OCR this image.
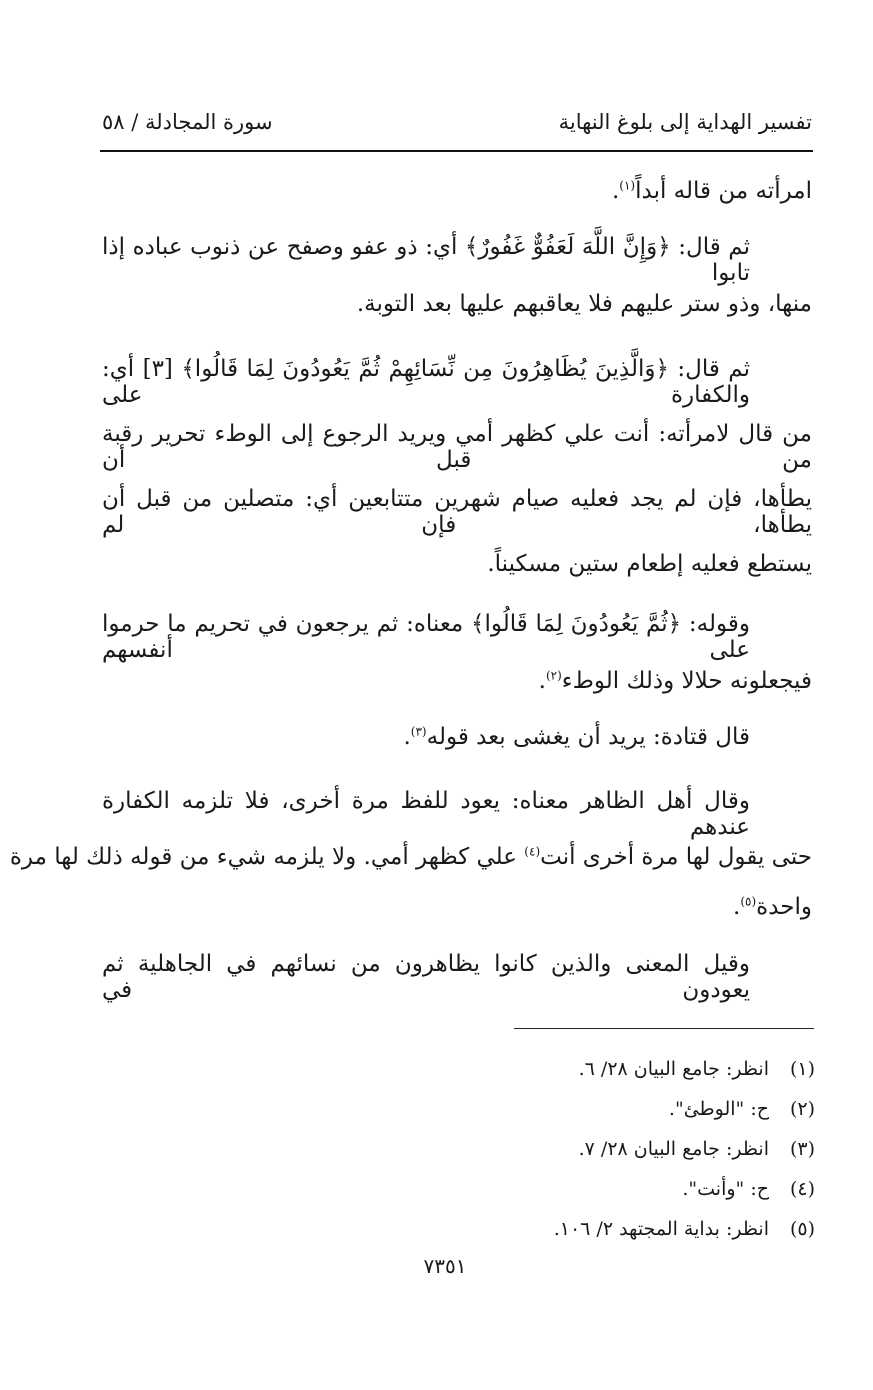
تفسير الهداية إلى بلوغ النهاية
سورة المجادلة / ٥٨
امرأته من قاله أبداً$^{(١)}$.
ثم قال: ﴿وَإِنَّ اللَّهَ لَعَفُوٌّ غَفُورٌ﴾ أي: ذو عفو وصفح عن ذنوب عباده إذا تابوا
منها، وذو ستر عليهم فلا يعاقبهم عليها بعد التوبة.
ثم قال: ﴿وَالَّذِينَ يُظَاهِرُونَ مِن نِّسَائِهِمْ ثُمَّ يَعُودُونَ لِمَا قَالُوا﴾ [٣] أي: والكفارة على
من قال لامرأته: أنت علي كظهر أمي ويريد الرجوع إلى الوطء تحرير رقبة من قبل أن
يطأها، فإن لم يجد فعليه صيام شهرين متتابعين أي: متصلين من قبل أن يطأها، فإن لم
يستطع فعليه إطعام ستين مسكيناً.
وقوله: ﴿ثُمَّ يَعُودُونَ لِمَا قَالُوا﴾ معناه: ثم يرجعون في تحريم ما حرموا على أنفسهم
فيجعلونه حلالا وذلك الوطء$^{(٢)}$.
قال قتادة: يريد أن يغشى بعد قوله$^{(٣)}$.
وقال أهل الظاهر معناه: يعود للفظ مرة أخرى، فلا تلزمه الكفارة عندهم
حتى يقول لها مرة أخرى أنت$^{(٤)}$ علي كظهر أمي. ولا يلزمه شيء من قوله ذلك لها مرة
واحدة$^{(٥)}$.
وقيل المعنى والذين كانوا يظاهرون من نسائهم في الجاهلية ثم يعودون في
(١)انظر: جامع البيان ٢٨/ ٦.
(٢)ح: "الوطئ".
(٣)انظر: جامع البيان ٢٨/ ٧.
(٤)ح: "وأنت".
(٥)انظر: بداية المجتهد ٢/ ١٠٦.
٧٣٥١
